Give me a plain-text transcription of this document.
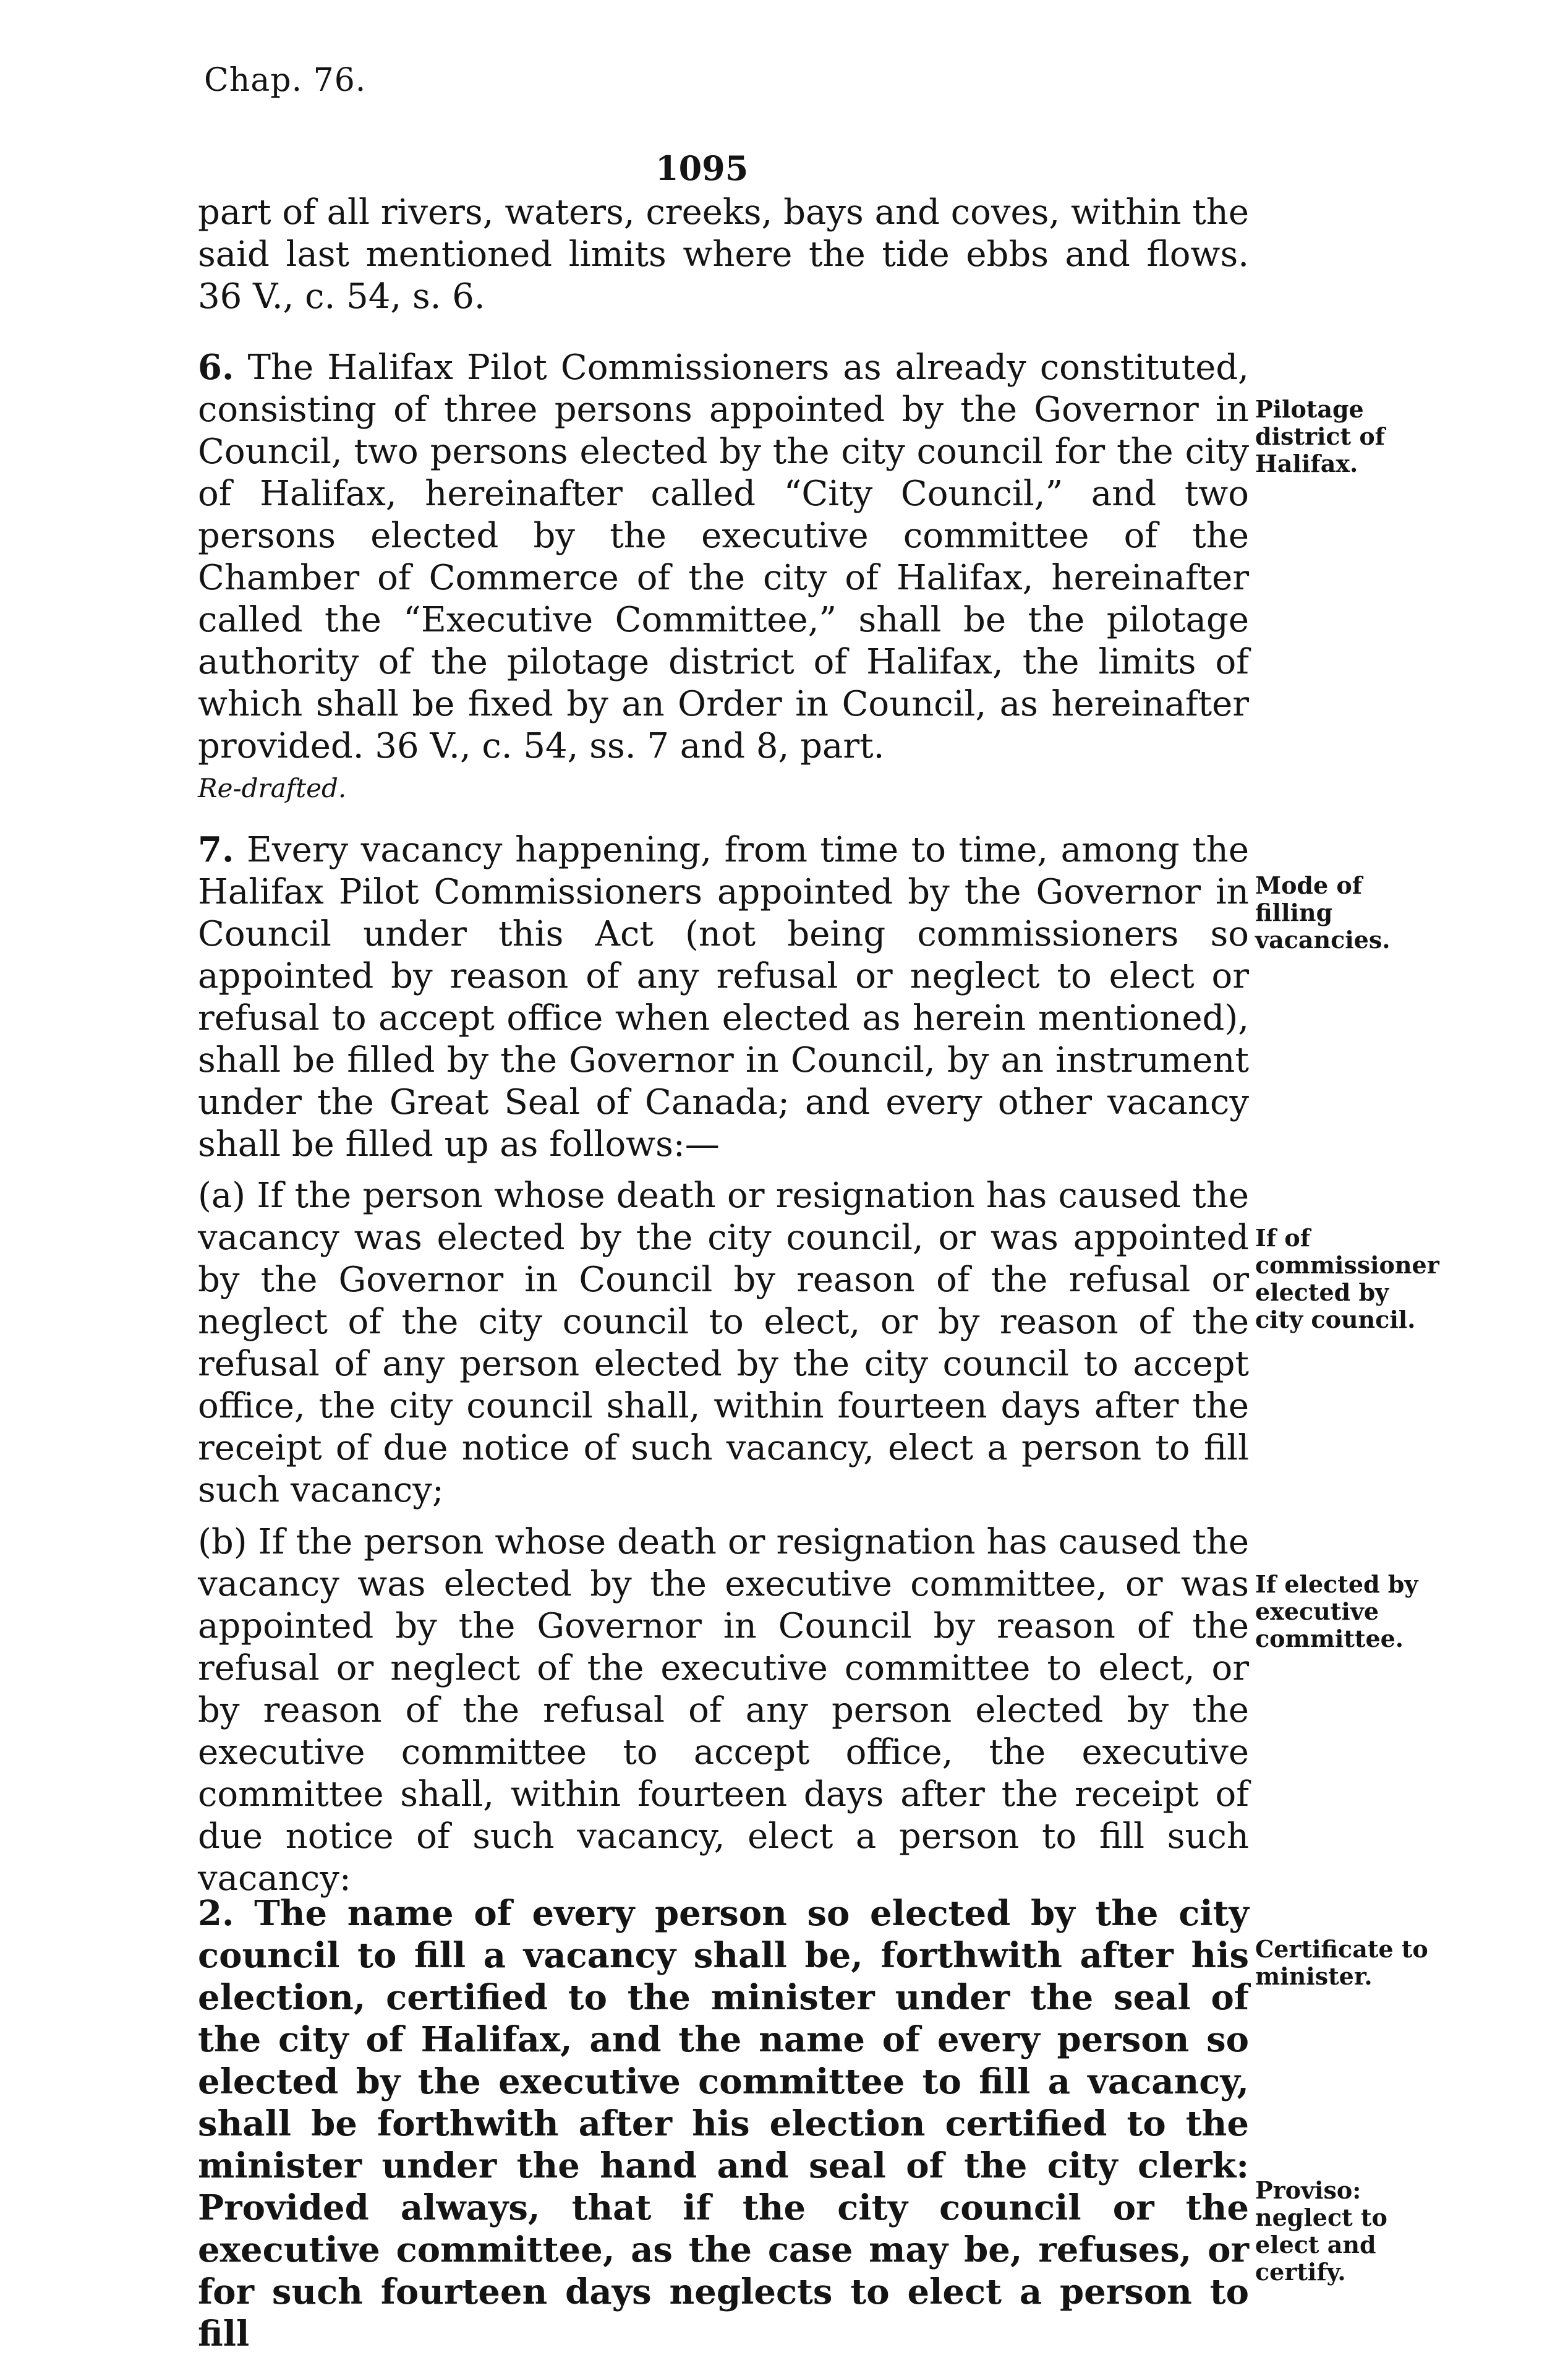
Chap. 76.
1095

part of all rivers, waters, creeks, bays and coves, within the said last mentioned limits where the tide ebbs and flows. 36 V., c. 54, s. 6.

6. The Halifax Pilot Commissioners as already constituted, consisting of three persons appointed by the Governor in Council, two persons elected by the city council for the city of Halifax, hereinafter called “City Council,” and two persons elected by the executive committee of the Chamber of Commerce of the city of Halifax, hereinafter called the “Executive Committee,” shall be the pilotage authority of the pilotage district of Halifax, the limits of which shall be fixed by an Order in Council, as hereinafter provided. 36 V., c. 54, ss. 7 and 8, part.

Re-drafted.

Pilotage district of Halifax.

7. Every vacancy happening, from time to time, among the Halifax Pilot Commissioners appointed by the Governor in Council under this Act (not being commissioners so appointed by reason of any refusal or neglect to elect or refusal to accept office when elected as herein mentioned), shall be filled by the Governor in Council, by an instrument under the Great Seal of Canada; and every other vacancy shall be filled up as follows:—

Mode of filling vacancies.

(a) If the person whose death or resignation has caused the vacancy was elected by the city council, or was appointed by the Governor in Council by reason of the refusal or neglect of the city council to elect, or by reason of the refusal of any person elected by the city council to accept office, the city council shall, within fourteen days after the receipt of due notice of such vacancy, elect a person to fill such vacancy;

If of commissioner elected by city council.

(b) If the person whose death or resignation has caused the vacancy was elected by the executive committee, or was appointed by the Governor in Council by reason of the refusal or neglect of the executive committee to elect, or by reason of the refusal of any person elected by the executive committee to accept office, the executive committee shall, within fourteen days after the receipt of due notice of such vacancy, elect a person to fill such vacancy:

If elected by executive committee.

2. The name of every person so elected by the city council to fill a vacancy shall be, forthwith after his election, certified to the minister under the seal of the city of Halifax, and the name of every person so elected by the executive committee to fill a vacancy, shall be forthwith after his election certified to the minister under the hand and seal of the city clerk: Provided always, that if the city council or the executive committee, as the case may be, refuses, or for such fourteen days neglects to elect a person to fill

Certificate to minister.
Proviso: neglect to elect and certify.
